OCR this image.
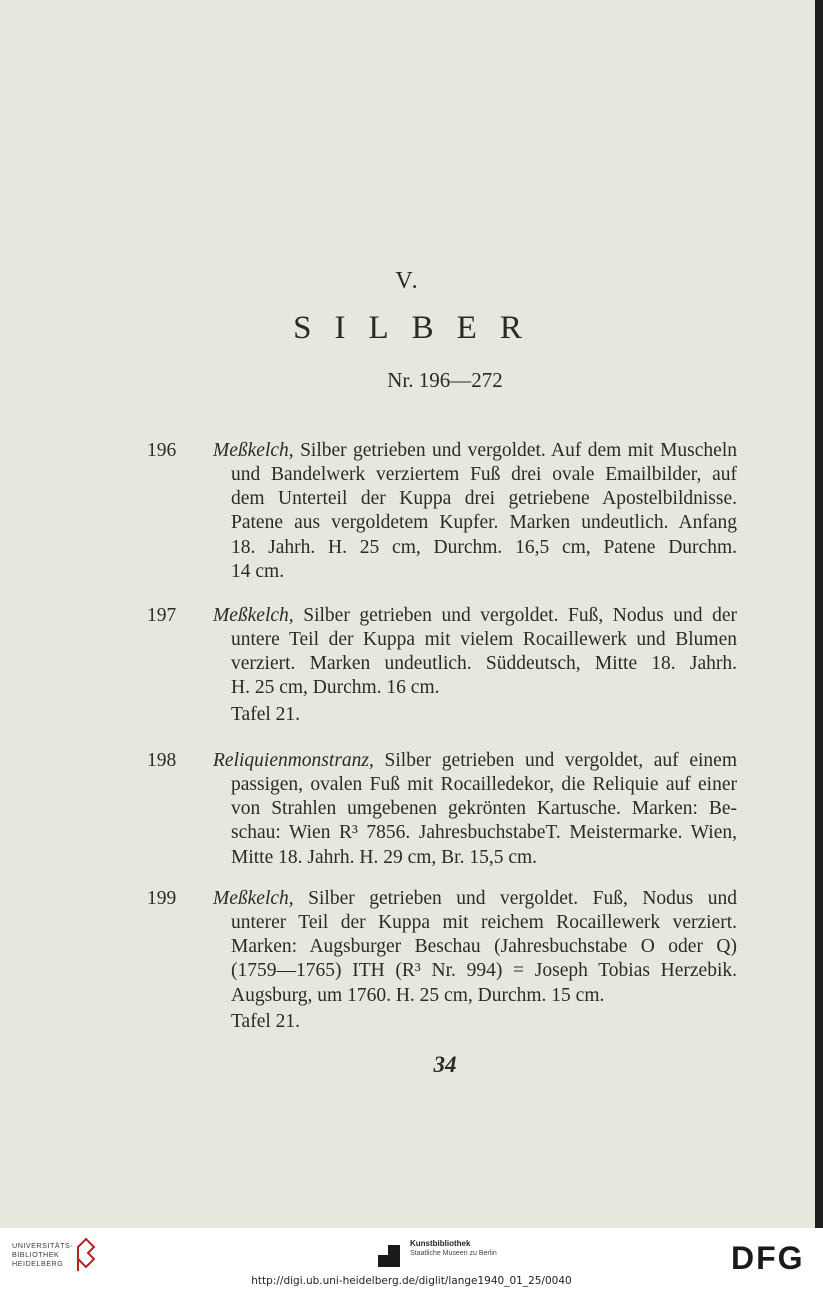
V.
SILBER
Nr. 196—272
196 Meßkelch, Silber getrieben und vergoldet. Auf dem mit Muscheln
und Bandelwerk verziertem Fuß drei ovale Emailbilder, auf
dem Unterteil der Kuppa drei getriebene Apostelbildnisse.
Patene aus vergoldetem Kupfer. Marken undeutlich. Anfang
18. Jahrh. H. 25 cm, Durchm. 16,5 cm, Patene Durchm.
14 cm.
197 Meßkelch, Silber getrieben und vergoldet. Fuß, Nodus und der
untere Teil der Kuppa mit vielem Rocaillewerk und Blumen
verziert. Marken undeutlich. Süddeutsch, Mitte 18. Jahrh.
H. 25 cm, Durchm. 16 cm.
Tafel 21.
198 Reliquienmonstranz, Silber getrieben und vergoldet, auf einem
passigen, ovalen Fuß mit Rocailledekor, die Reliquie auf einer
von Strahlen umgebenen gekrönten Kartusche. Marken: Be-
schau: Wien R³ 7856. JahresbuchstabeT. Meistermarke. Wien,
Mitte 18. Jahrh. H. 29 cm, Br. 15,5 cm.
199 Meßkelch, Silber getrieben und vergoldet. Fuß, Nodus und
unterer Teil der Kuppa mit reichem Rocaillewerk verziert.
Marken: Augsburger Beschau (Jahresbuchstabe O oder Q)
(1759—1765) ITH (R³ Nr. 994) = Joseph Tobias Herzebik.
Augsburg, um 1760. H. 25 cm, Durchm. 15 cm.
Tafel 21.
34
UNIVERSITÄTS-
BIBLIOTHEK
HEIDELBERG
Kunstbibliothek
Staatliche Museen zu Berlin	DFG
http://digi.ub.uni-heidelberg.de/diglit/lange1940_01_25/0040
